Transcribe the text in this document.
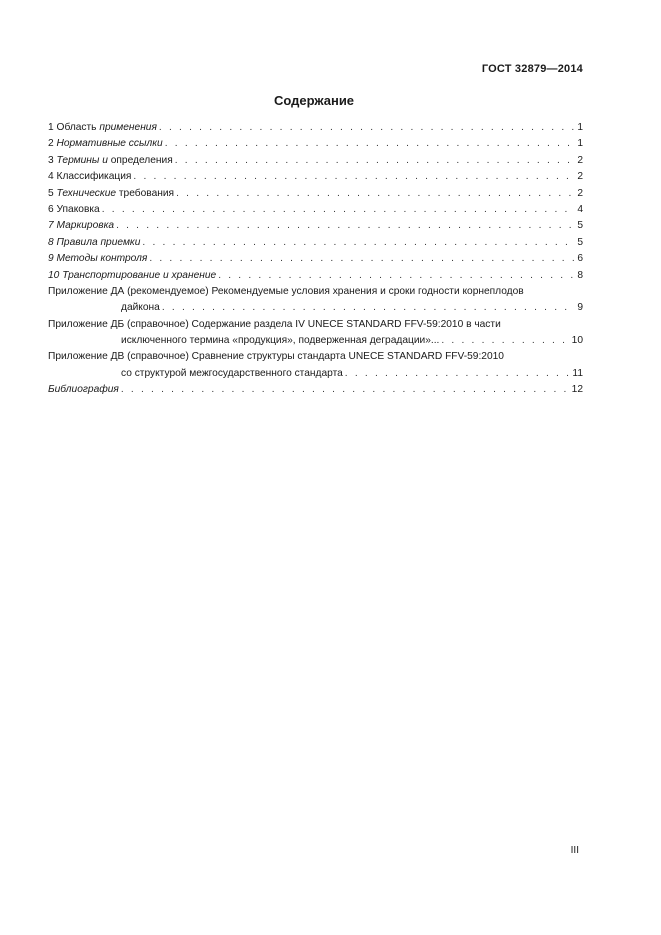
ГОСТ 32879—2014
Содержание
1 Область применения . . .	1
2 Нормативные ссылки . . .	1
3 Термины и определения . . .	2
4 Классификация . . .	2
5 Технические требования . . .	2
6 Упаковка . . .	4
7 Маркировка . . .	5
8 Правила приемки . . .	5
9 Методы контроля . . .	6
10 Транспортирование и хранение . . .	8
Приложение ДА (рекомендуемое) Рекомендуемые условия хранения и сроки годности корнеплодов
дайкона . . .	9
Приложение ДБ (справочное) Содержание раздела IV UNECE STANDARD FFV-59:2010 в части
исключенного термина «продукция», подверженная деградации»... . . .	10
Приложение ДВ (справочное) Сравнение структуры стандарта UNECE STANDARD FFV-59:2010
со структурой межгосударственного стандарта . . .	11
Библиография . . .	12
III
